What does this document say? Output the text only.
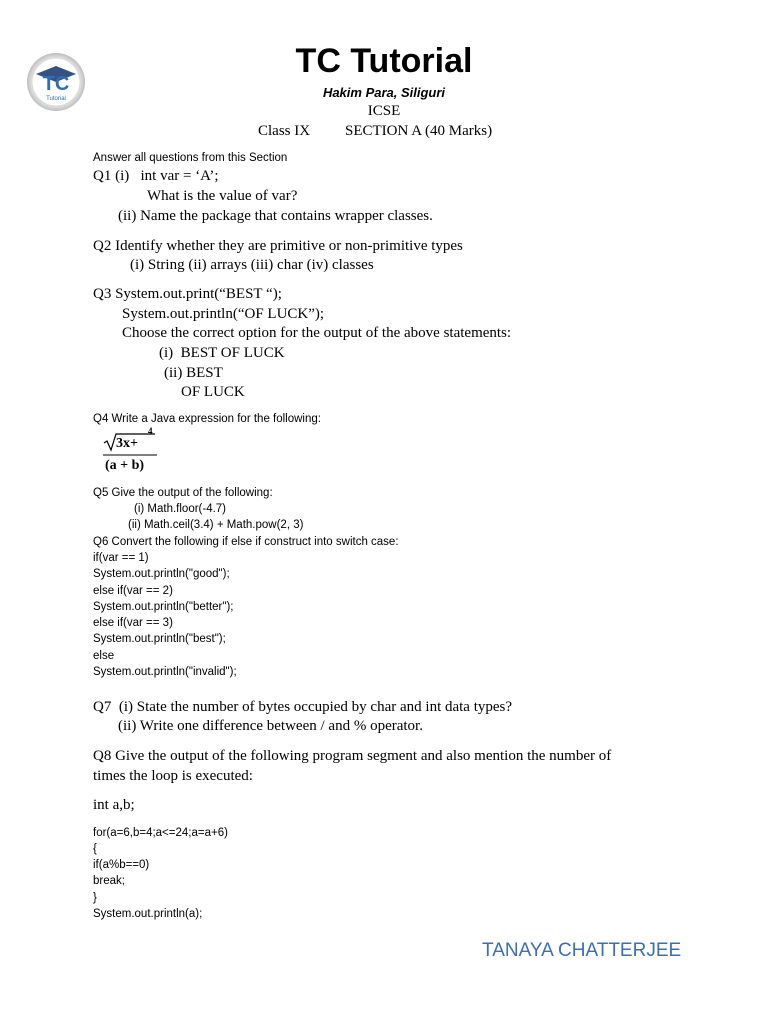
TC
Tutorial
TC Tutorial
Hakim Para, Siliguri
ICSE
Class IX SECTION A (40 Marks)
Answer all questions from this Section
Q1 (i)   int var = ‘A’;
What is the value of var?
(ii) Name the package that contains wrapper classes.
Q2 Identify whether they are primitive or non-primitive types
(i) String (ii) arrays (iii) char (iv) classes
Q3 System.out.print(“BEST “);
System.out.println(“OF LUCK”);
Choose the correct option for the output of the above statements:
(i)  BEST OF LUCK
(ii) BEST
OF LUCK
Q4 Write a Java expression for the following:
3x+
4
(a + b)
Q5 Give the output of the following:
(i) Math.floor(-4.7)
(ii) Math.ceil(3.4) + Math.pow(2, 3)
Q6 Convert the following if else if construct into switch case:
if(var == 1)
System.out.println("good");
else if(var == 2)
System.out.println("better");
else if(var == 3)
System.out.println("best");
else
System.out.println("invalid");
Q7  (i) State the number of bytes occupied by char and int data types?
(ii) Write one difference between / and % operator.
Q8 Give the output of the following program segment and also mention the number of
times the loop is executed:
int a,b;
for(a=6,b=4;a<=24;a=a+6)
{
if(a%b==0)
break;
}
System.out.println(a);
TANAYA CHATTERJEE
